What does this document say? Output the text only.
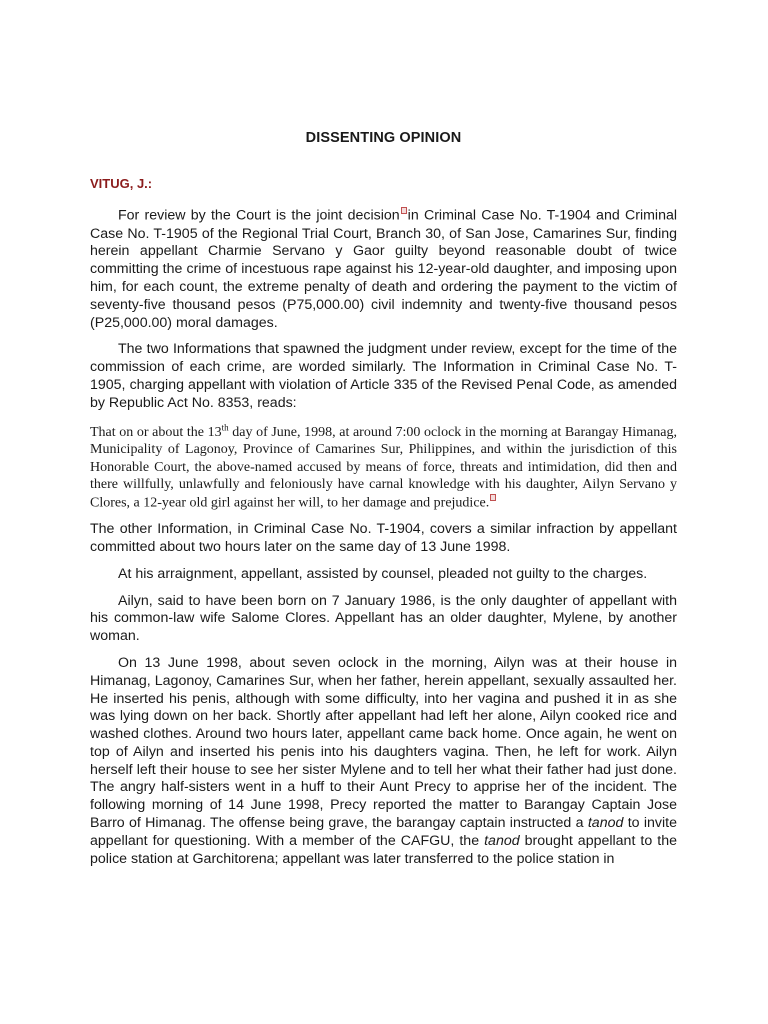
DISSENTING OPINION
VITUG, J.:

For review by the Court is the joint decision in Criminal Case No. T-1904 and Criminal Case No. T-1905 of the Regional Trial Court, Branch 30, of San Jose, Camarines Sur, finding herein appellant Charmie Servano y Gaor guilty beyond reasonable doubt of twice committing the crime of incestuous rape against his 12-year-old daughter, and imposing upon him, for each count, the extreme penalty of death and ordering the payment to the victim of seventy-five thousand pesos (P75,000.00) civil indemnity and twenty-five thousand pesos (P25,000.00) moral damages.

The two Informations that spawned the judgment under review, except for the time of the commission of each crime, are worded similarly. The Information in Criminal Case No. T-1905, charging appellant with violation of Article 335 of the Revised Penal Code, as amended by Republic Act No. 8353, reads:

That on or about the 13th day of June, 1998, at around 7:00 oclock in the morning at Barangay Himanag, Municipality of Lagonoy, Province of Camarines Sur, Philippines, and within the jurisdiction of this Honorable Court, the above-named accused by means of force, threats and intimidation, did then and there willfully, unlawfully and feloniously have carnal knowledge with his daughter, Ailyn Servano y Clores, a 12-year old girl against her will, to her damage and prejudice.

The other Information, in Criminal Case No. T-1904, covers a similar infraction by appellant committed about two hours later on the same day of 13 June 1998.

At his arraignment, appellant, assisted by counsel, pleaded not guilty to the charges.

Ailyn, said to have been born on 7 January 1986, is the only daughter of appellant with his common-law wife Salome Clores. Appellant has an older daughter, Mylene, by another woman.

On 13 June 1998, about seven oclock in the morning, Ailyn was at their house in Himanag, Lagonoy, Camarines Sur, when her father, herein appellant, sexually assaulted her. He inserted his penis, although with some difficulty, into her vagina and pushed it in as she was lying down on her back. Shortly after appellant had left her alone, Ailyn cooked rice and washed clothes. Around two hours later, appellant came back home. Once again, he went on top of Ailyn and inserted his penis into his daughters vagina. Then, he left for work. Ailyn herself left their house to see her sister Mylene and to tell her what their father had just done. The angry half-sisters went in a huff to their Aunt Precy to apprise her of the incident. The following morning of 14 June 1998, Precy reported the matter to Barangay Captain Jose Barro of Himanag. The offense being grave, the barangay captain instructed a tanod to invite appellant for questioning. With a member of the CAFGU, the tanod brought appellant to the police station at Garchitorena; appellant was later transferred to the police station in
